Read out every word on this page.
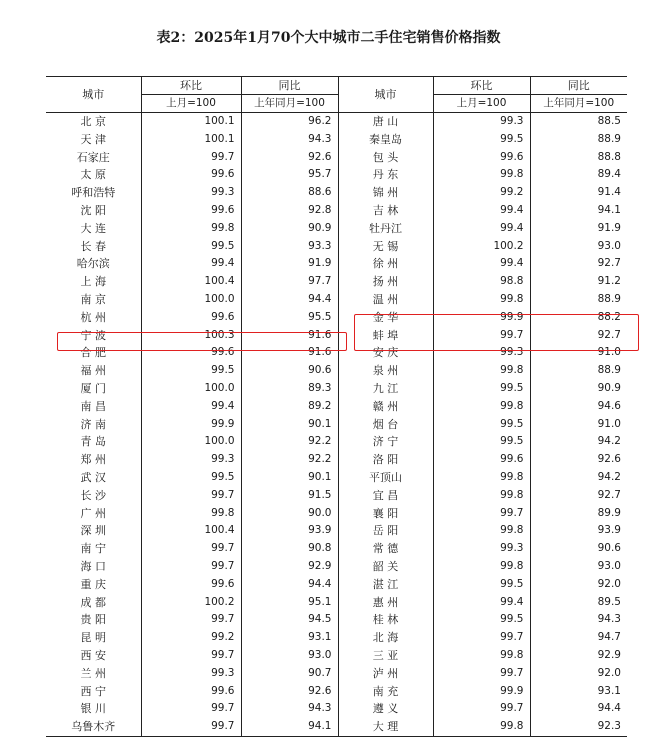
表2：2025年1月70个大中城市二手住宅销售价格指数
城市	环比	同比	城市	环比	同比
	上月=100	上年同月=100		上月=100	上年同月=100
北 京	100.1	96.2	唐 山	99.3	88.5
天 津	100.1	94.3	秦皇岛	99.5	88.9
石家庄	99.7	92.6	包 头	99.6	88.8
太 原	99.6	95.7	丹 东	99.8	89.4
呼和浩特	99.3	88.6	锦 州	99.2	91.4
沈 阳	99.6	92.8	吉 林	99.4	94.1
大 连	99.8	90.9	牡丹江	99.4	91.9
长 春	99.5	93.3	无 锡	100.2	93.0
哈尔滨	99.4	91.9	徐 州	99.4	92.7
上 海	100.4	97.7	扬 州	98.8	91.2
南 京	100.0	94.4	温 州	99.8	88.9
杭 州	99.6	95.5	金 华	99.9	88.2
宁 波	100.3	91.6	蚌 埠	99.7	92.7
合 肥	99.6	91.6	安 庆	99.3	91.0
福 州	99.5	90.6	泉 州	99.8	88.9
厦 门	100.0	89.3	九 江	99.5	90.9
南 昌	99.4	89.2	赣 州	99.8	94.6
济 南	99.9	90.1	烟 台	99.5	91.0
青 岛	100.0	92.2	济 宁	99.5	94.2
郑 州	99.3	92.2	洛 阳	99.6	92.6
武 汉	99.5	90.1	平顶山	99.8	94.2
长 沙	99.7	91.5	宜 昌	99.8	92.7
广 州	99.8	90.0	襄 阳	99.7	89.9
深 圳	100.4	93.9	岳 阳	99.8	93.9
南 宁	99.7	90.8	常 德	99.3	90.6
海 口	99.7	92.9	韶 关	99.8	93.0
重 庆	99.6	94.4	湛 江	99.5	92.0
成 都	100.2	95.1	惠 州	99.4	89.5
贵 阳	99.7	94.5	桂 林	99.5	94.3
昆 明	99.2	93.1	北 海	99.7	94.7
西 安	99.7	93.0	三 亚	99.8	92.9
兰 州	99.3	90.7	泸 州	99.7	92.0
西 宁	99.6	92.6	南 充	99.9	93.1
银 川	99.7	94.3	遵 义	99.7	94.4
乌鲁木齐	99.7	94.1	大 理	99.8	92.3
